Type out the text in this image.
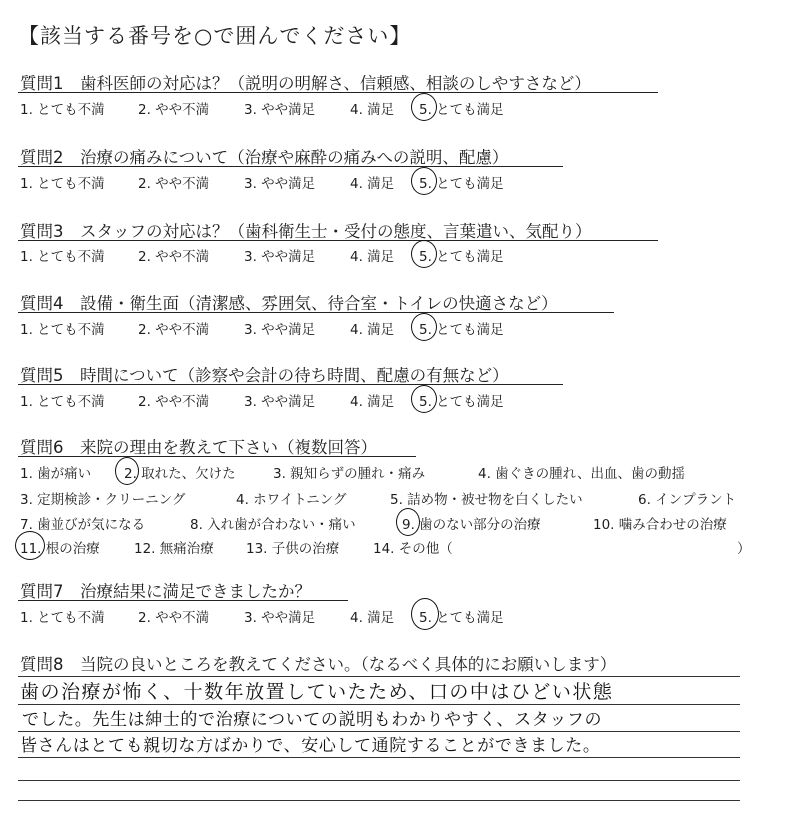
【該当する番号を○で囲んでください】
質問1　歯科医師の対応は？（説明の明解さ、信頼感、相談のしやすさなど）
1. とても不満 2. やや不満	3. やや満足	4. 満足 5. とても満足
質問2　治療の痛みについて（治療や麻酔の痛みへの説明、配慮）
1. とても不満 2. やや不満	3. やや満足	4. 満足 5. とても満足
質問3　スタッフの対応は？（歯科衛生士・受付の態度、言葉遣い、気配り）
1. とても不満 2. やや不満	3. やや満足	4. 満足 5. とても満足
質問4　設備・衛生面（清潔感、雰囲気、待合室・トイレの快適さなど）
1. とても不満 2. やや不満	3. やや満足	4. 満足 5. とても満足
質問5　時間について（診察や会計の待ち時間、配慮の有無など）
1. とても不満 2. やや不満	3. やや満足	4. 満足 5. とても満足
質問6　来院の理由を教えて下さい（複数回答）
1. 歯が痛い 2. 取れた、欠けた	3. 親知らずの腫れ・痛み	4. 歯ぐきの腫れ、出血、歯の動揺
3. 定期検診・クリーニング	4. ホワイトニング	5. 詰め物・被せ物を白くしたい	6. インプラント
7. 歯並びが気になる	8. 入れ歯が合わない・痛い	9. 歯のない部分の治療	10. 噛み合わせの治療
11. 根の治療	12. 無痛治療 13. 子供の治療 14. その他（	）
質問7　治療結果に満足できましたか？
1. とても不満 2. やや不満	3. やや満足	4. 満足 5. とても満足
質問8　当院の良いところを教えてください。（なるべく具体的にお願いします）
歯の治療が怖く、十数年放置していたため、口の中はひどい状態
でした。先生は紳士的で治療についての説明もわかりやすく、スタッフの
皆さんはとても親切な方ばかりで、安心して通院することができました。
